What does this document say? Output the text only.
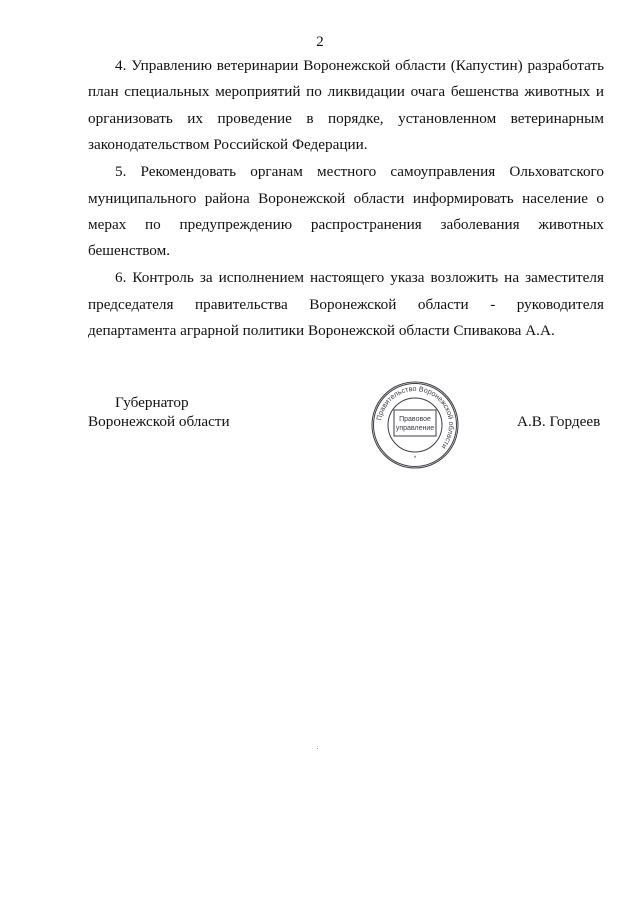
2

4. Управлению ветеринарии Воронежской области (Капустин) разработать план специальных мероприятий по ликвидации очага бешенства животных и организовать их проведение в порядке, установленном ветеринарным законодательством Российской Федерации.

5. Рекомендовать органам местного самоуправления Ольховатского муниципального района Воронежской области информировать население о мерах по предупреждению распространения заболевания животных бешенством.

6. Контроль за исполнением настоящего указа возложить на заместителя председателя правительства Воронежской области - руководителя департамента аграрной политики Воронежской области Спивакова А.А.

Губернатор
Воронежской области	Правительство Воронежской области
Правовое
управление
*
А.В. Гордеев
